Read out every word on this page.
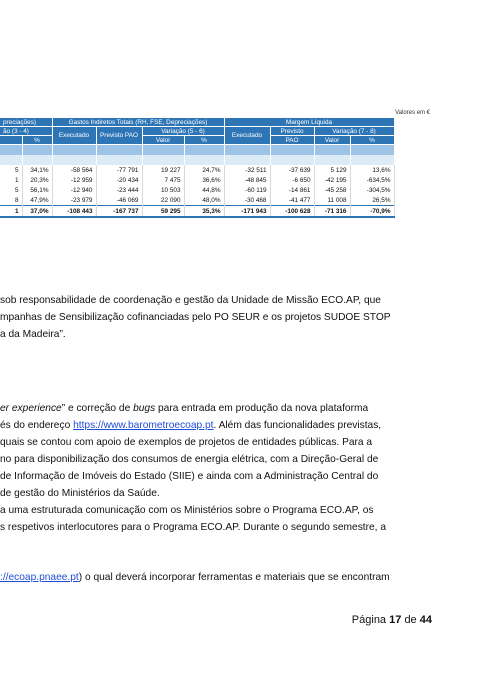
Valores em €
preciações)		Gastos Indiretos Totais (RH, FSE, Depreciações)				Margem Líquida			
ão (3 - 4)		Executado	Previsto PAO	Variação (5 - 6)		Executado	Previsto	Variação (7 - 8)	
	%			Valor	%		PAO	Valor	%

5	34,1%	-58 564	-77 791	19 227	24,7%	-32 511	-37 639	5 129	13,6%
1	20,3%	-12 959	-20 434	7 475	36,6%	-48 845	-6 650	-42 195	-634,5%
5	56,1%	-12 940	-23 444	10 503	44,8%	-60 119	-14 861	-45 258	-304,5%
8	47,9%	-23 979	-46 069	22 090	48,0%	-30 468	-41 477	11 008	26,5%
1	37,0%	-108 443	-167 737	59 295	35,3%	-171 943	-100 628	-71 316	-70,9%
sob responsabilidade de coordenação e gestão da Unidade de Missão ECO.AP, que
mpanhas de Sensibilização cofinanciadas pelo PO SEUR e os projetos SUDOE STOP
a da Madeira”.
er experience” e correção de bugs para entrada em produção da nova plataforma
és do endereço https://www.barometroecoap.pt. Além das funcionalidades previstas,
quais se contou com apoio de exemplos de projetos de entidades públicas. Para a
no para disponibilização dos consumos de energia elétrica, com a Direção-Geral de
de Informação de Imóveis do Estado (SIIE) e ainda com a Administração Central do
de gestão do Ministérios da Saúde.
a uma estruturada comunicação com os Ministérios sobre o Programa ECO.AP, os
s respetivos interlocutores para o Programa ECO.AP. Durante o segundo semestre, a
://ecoap.pnaee.pt) o qual deverá incorporar ferramentas e materiais que se encontram
Página 17 de 44
